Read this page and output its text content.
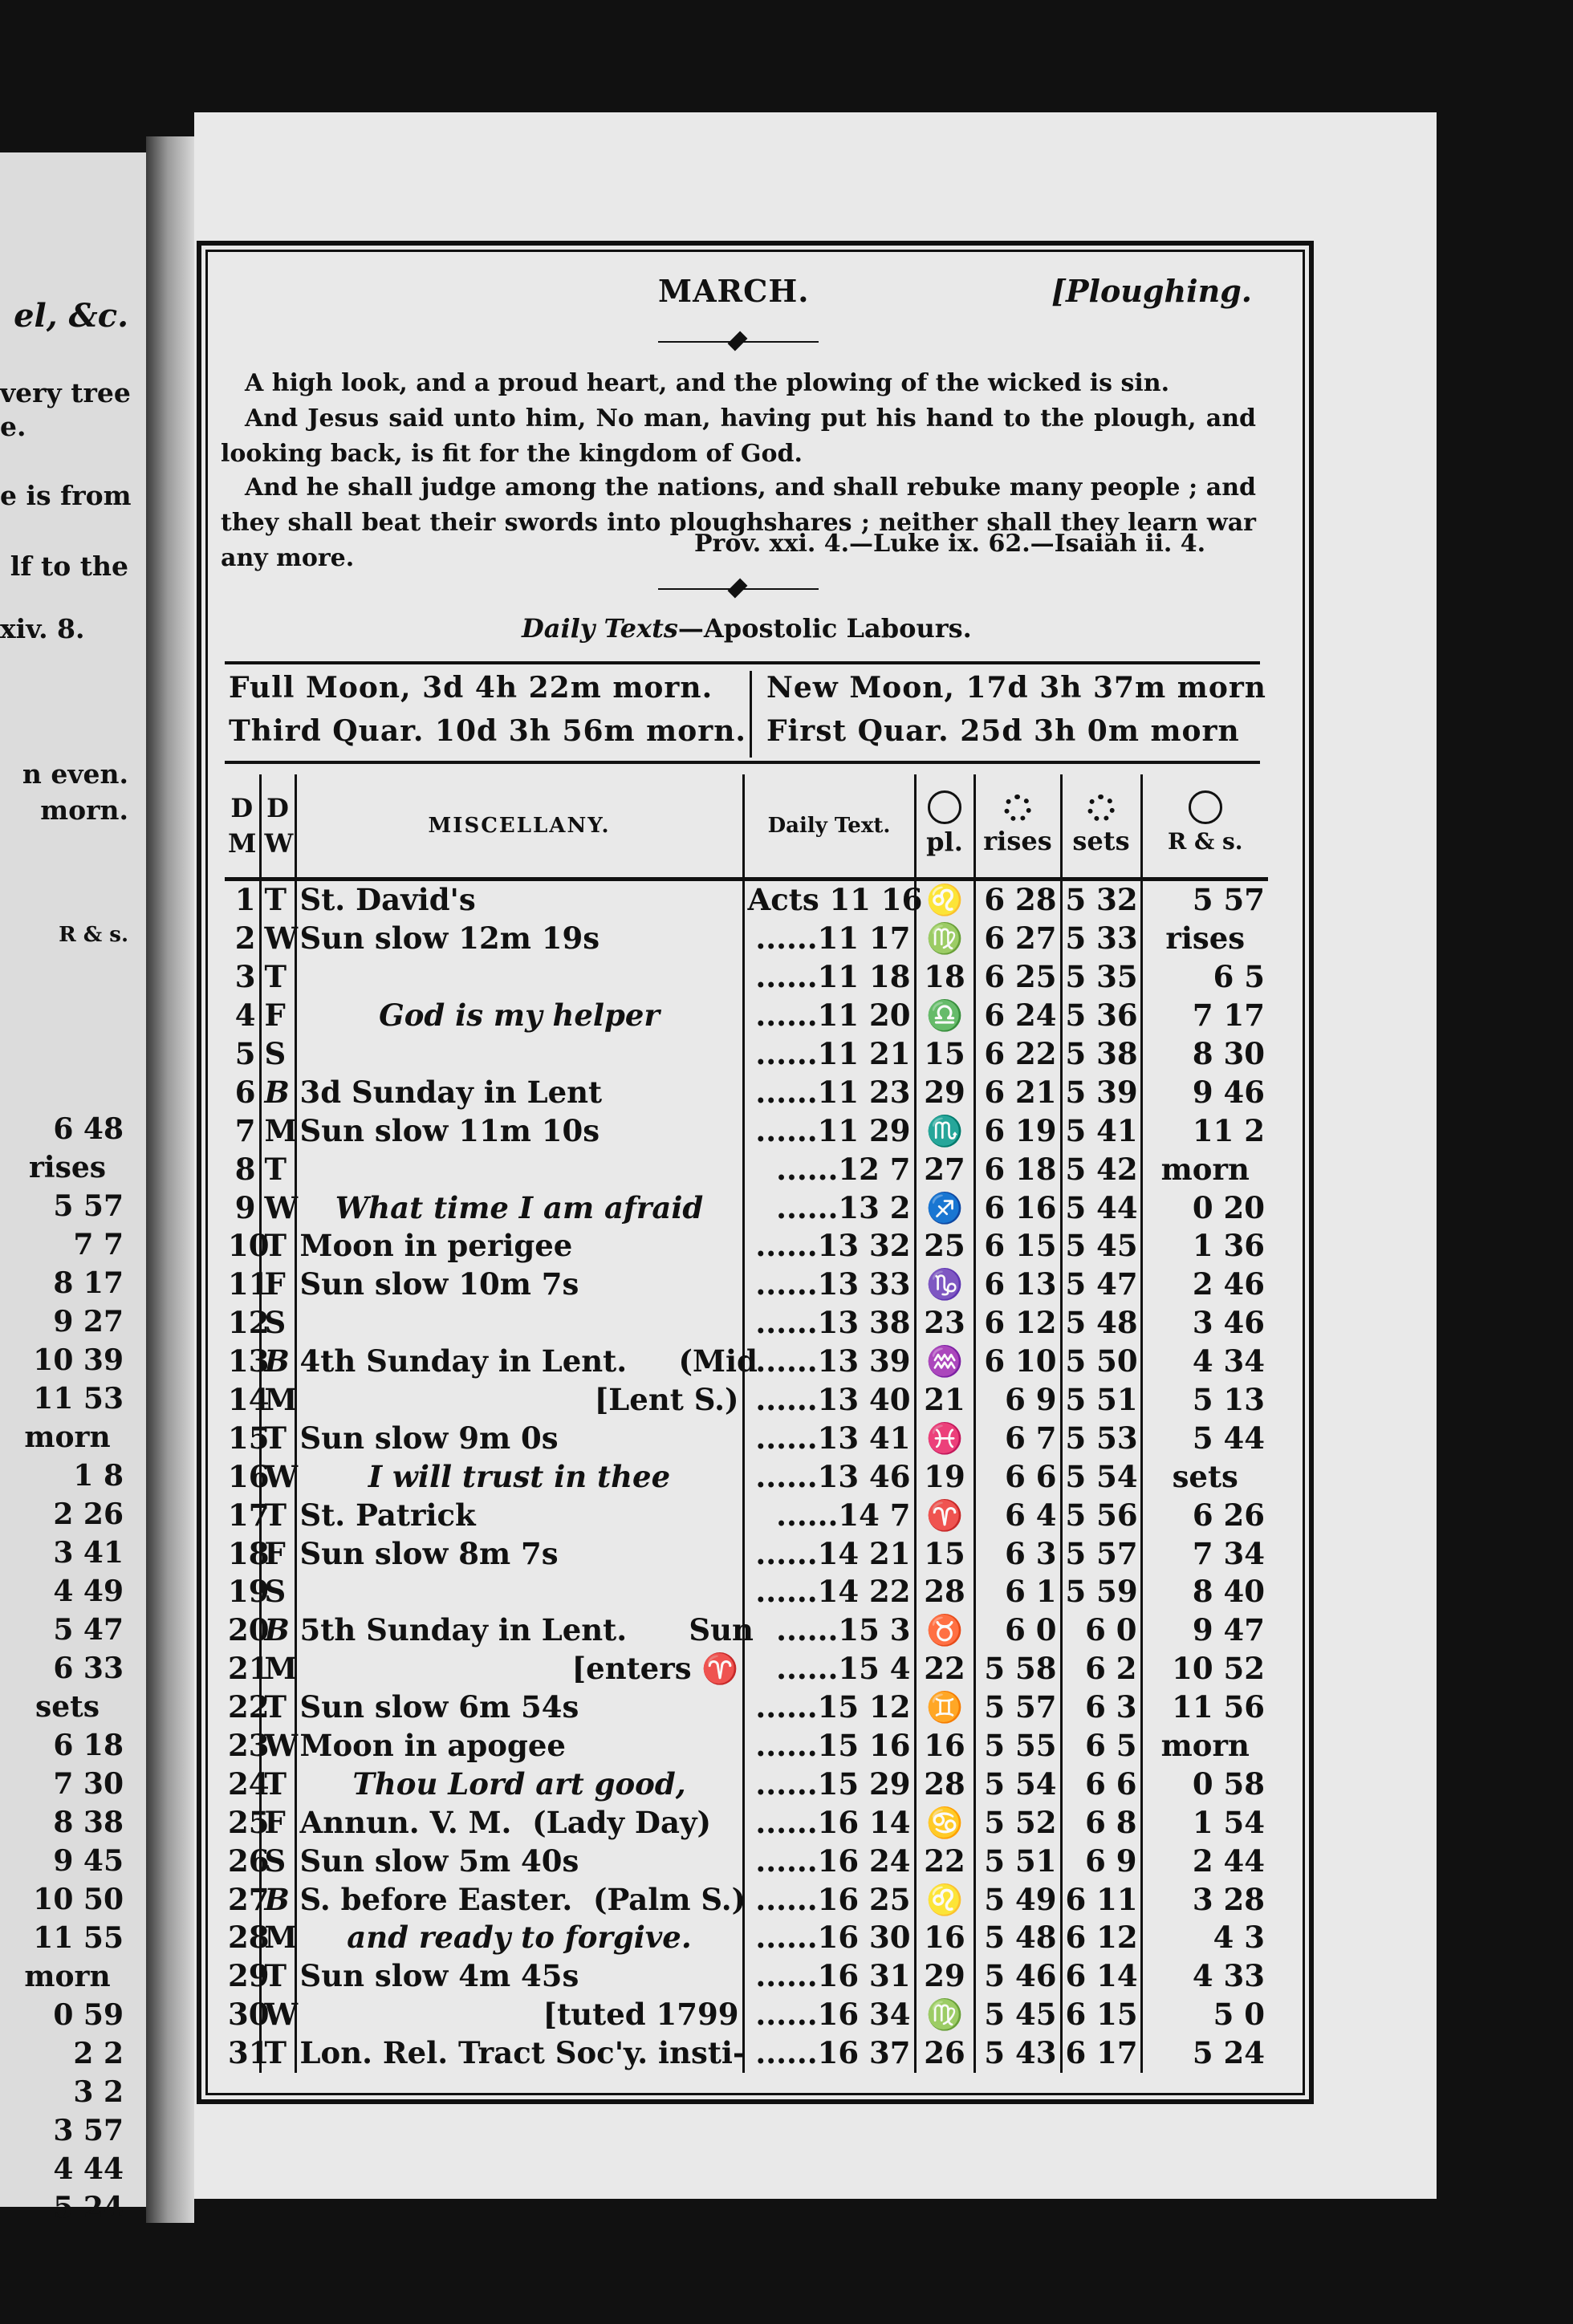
el, &c.
very tree
e.
e is from
lf to the
xiv. 8.
n even.
morn.
R & s.
6 48
rises
5 57
7 7
8 17
9 27
10 39
11 53
morn
1 8
2 26
3 41
4 49
5 47
6 33
sets
6 18
7 30
8 38
9 45
10 50
11 55
morn
0 59
2 2
3 2
3 57
4 44
5 24
MARCH.	[Ploughing.
A high look, and a proud heart, and the plowing of the wicked is sin.
And Jesus said unto him, No man, having put his hand to the plough, and looking back, is fit for the kingdom of God.
And he shall judge among the nations, and shall rebuke many people ; and they shall beat their swords into ploughshares ; neither shall they learn war any more.
Prov. xxi. 4.—Luke ix. 62.—Isaiah ii. 4.
Daily Texts—Apostolic Labours.
Full Moon, 3d 4h 22m morn.
Third Quar. 10d 3h 56m morn.
New Moon, 17d 3h 37m morn
First Quar. 25d 3h 0m morn
D M	D W	MISCELLANY.	Daily Text.	pl.	rises	sets	R & s.

1	T	St. David's	Acts 11 16	♌	6 28	5 32	5 57
2	W	Sun slow 12m 19s	......11 17	♍	6 27	5 33	rises
3	T		......11 18	18	6 25	5 35	6 5
4	F	God is my helper	......11 20	♎	6 24	5 36	7 17
5	S		......11 21	15	6 22	5 38	8 30
6	B	3d Sunday in Lent	......11 23	29	6 21	5 39	9 46
7	M	Sun slow 11m 10s	......11 29	♏	6 19	5 41	11 2
8	T		......12 7	27	6 18	5 42	morn
9	W	What time I am afraid	......13 2	♐	6 16	5 44	0 20
10	T	Moon in perigee	......13 32	25	6 15	5 45	1 36
11	F	Sun slow 10m 7s	......13 33	♑	6 13	5 47	2 46
12	S		......13 38	23	6 12	5 48	3 46
13	B	4th Sunday in Lent.     (Mid	......13 39	♒	6 10	5 50	4 34
14	M	[Lent S.)	......13 40	21	6 9	5 51	5 13
15	T	Sun slow 9m 0s	......13 41	♓	6 7	5 53	5 44
16	W	I will trust in thee	......13 46	19	6 6	5 54	sets
17	T	St. Patrick	......14 7	♈	6 4	5 56	6 26
18	F	Sun slow 8m 7s	......14 21	15	6 3	5 57	7 34
19	S		......14 22	28	6 1	5 59	8 40
20	B	5th Sunday in Lent.      Sun	......15 3	♉	6 0	6 0	9 47
21	M	[enters ♈	......15 4	22	5 58	6 2	10 52
22	T	Sun slow 6m 54s	......15 12	♊	5 57	6 3	11 56
23	W	Moon in apogee	......15 16	16	5 55	6 5	morn
24	T	Thou Lord art good,	......15 29	28	5 54	6 6	0 58
25	F	Annun. V. M.  (Lady Day)	......16 14	♋	5 52	6 8	1 54
26	S	Sun slow 5m 40s	......16 24	22	5 51	6 9	2 44
27	B	S. before Easter.  (Palm S.)	......16 25	♌	5 49	6 11	3 28
28	M	and ready to forgive.	......16 30	16	5 48	6 12	4 3
29	T	Sun slow 4m 45s	......16 31	29	5 46	6 14	4 33
30	W	[tuted 1799	......16 34	♍	5 45	6 15	5 0
31	T	Lon. Rel. Tract Soc'y. insti-	......16 37	26	5 43	6 17	5 24
